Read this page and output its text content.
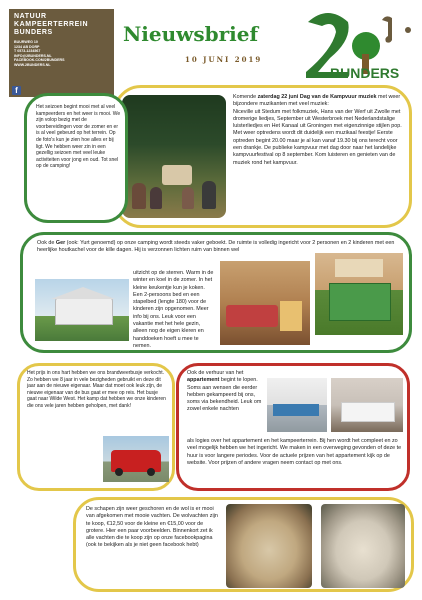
NATUUR
KAMPEERTERREIN
BUNDERS
BUURWEG 10
1234 AB DORP
T 0573-1234567
INFO@2BUNDERS.NL
FACEBOOK.COM/2BUNDERS
WWW.2BUNDERS.NL
f
Nieuwsbrief
10 JUNI 2019
BUNDERS
Komende zaterdag 22 juni Dag van de Kampvuur muziek met weer bijzondere muzikanten met veel muziek:
Niceville uit Stedum met folkmuziek, Hans van der Werf uit Zwolle met dromerige liedjes, September uit Westerbroek met Nederlandstalige luisterliedjes en Het Kanaal uit Groningen met eigenzinnige stijlen pop. Met weer optredens wordt dit duidelijk een muzikaal feestje! Eerste optreden begint 20.00 maar je al kan vanaf 19.30 bij ons terecht voor een drankje. De publieke kampvuur met dag door naar het landelijke kampvuurfestival op 8 september. Kom luisteren en genieten van de muziek rond het kampvuur.
Het seizoen begint mooi met al veel kampeerders en het weer is mooi. We zijn volop bezig met de voorbereidingen voor de zomer en er is al veel gebeurd op het terrein. Op de foto's kun je zien hoe alles er bij ligt. We hebben weer zin in een gezellig seizoen met veel leuke activiteiten voor jong en oud. Tot snel op de camping!
Ook de Ger (ook: Yurt genoemd) op onze camping wordt steeds vaker geboekt. De ruimte is volledig ingericht voor 2 personen en 2 kinderen met een heerlijke houtkachel voor de kille dagen. Hij is verzonnen lichten ruim van binnen wel
uitzicht op de sterren. Warm in de winter en koel in de zomer. In het kleine keukentje kun je koken. Een 2-persoons bed en een stapelbed (lengte 180) voor de kinderen zijn opgenomen. Meer info bij ons. Leuk voor een vakantie met het hele gezin, alleen nog de eigen kleren en handdoeken hoeft u mee te nemen.
Het prijs in ons hart hebben we ons brandweerbusje verkocht. Zo hebben we 8 jaar in vele bezigheden gebruikt en deze dit jaar aan de nieuwe eigenaar. Maar dat moet ook leuk zijn, de nieuwe eigenaar van de bus gaat er mee op reis. Het busje gaat naar Wilde West. Het kamp dat hebben we onze kinderen die ons vele jaren hebben geholpen, met dank!
Ook de verhuur van het appartement begint te lopen. Soms aan wensen die eerder hebben gekampeerd bij ons, soms via bekendheid. Leuk om zowel enkele nachten
als logies over het appartement en het kampeerterrein. Bij hen wordt het compleet en zo veel mogelijk hebben we het ingericht. We maken in een overweging gevonden of deze te huur is voor langere periodes. Voor de actuele prijzen van het appartement kijk op de website. Voor prijzen of andere vragen neem contact op met ons.
De schapen zijn weer geschoren en de wol is er mooi van afgekomen met mooie vachten. De wolvachten zijn te koop, €12,50 voor de kleine en €15,00 voor de grotere. Hier een paar voorbeelden. Binnenkort zet ik alle vachten die te koop zijn op onze facebookpagina (ook te bekijken als je niet geen facebook hebt)
